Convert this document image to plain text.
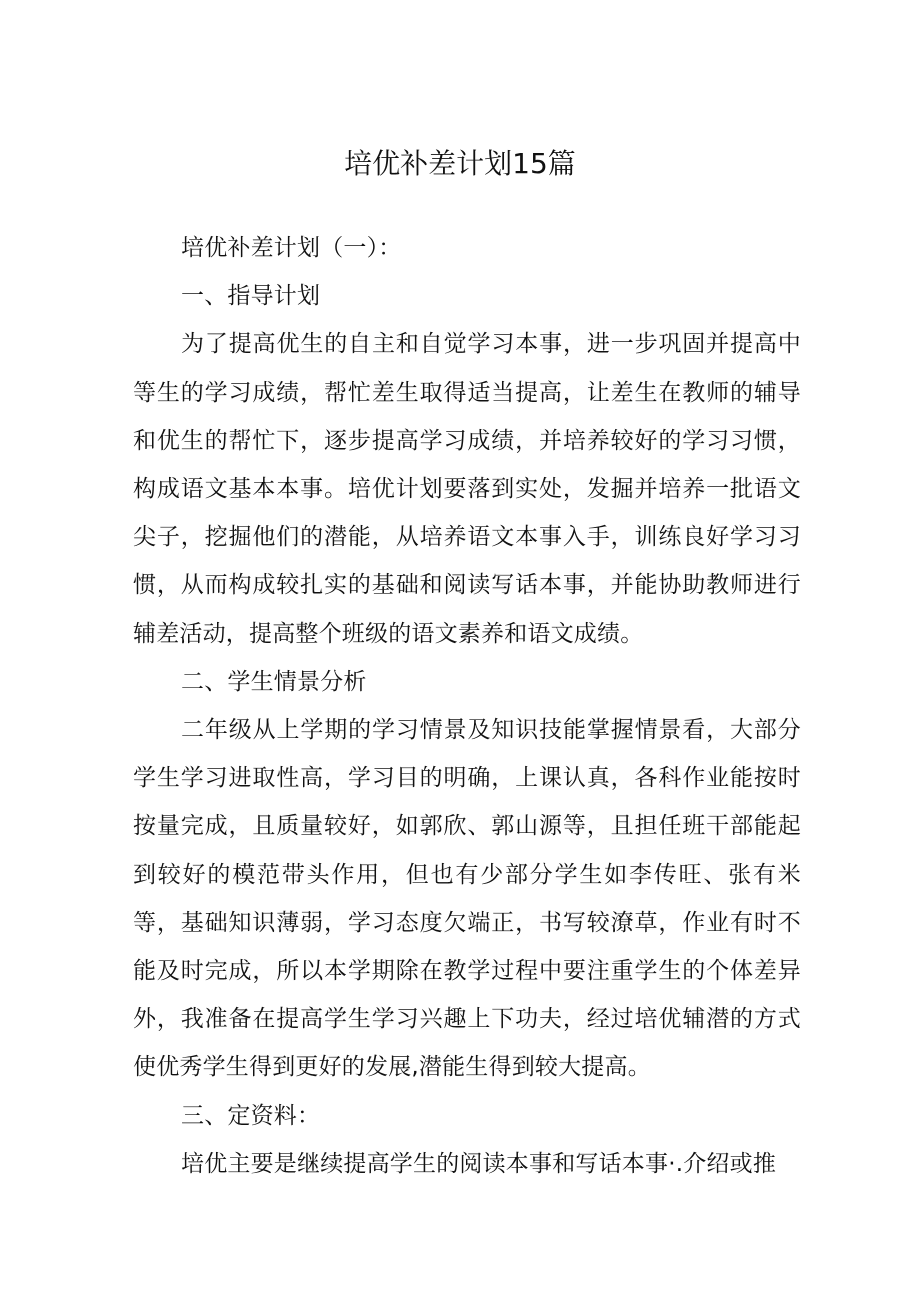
培优补差计划15篇

培优补差计划（一）：

一、指导计划

为了提高优生的自主和自觉学习本事，进一步巩固并提高中等生的学习成绩，帮忙差生取得适当提高，让差生在教师的辅导和优生的帮忙下，逐步提高学习成绩，并培养较好的学习习惯，构成语文基本本事。培优计划要落到实处，发掘并培养一批语文尖子，挖掘他们的潜能，从培养语文本事入手，训练良好学习习惯，从而构成较扎实的基础和阅读写话本事，并能协助教师进行辅差活动，提高整个班级的语文素养和语文成绩。

二、学生情景分析

二年级从上学期的学习情景及知识技能掌握情景看，大部分学生学习进取性高，学习目的明确，上课认真，各科作业能按时按量完成，且质量较好，如郭欣、郭山源等，且担任班干部能起到较好的模范带头作用，但也有少部分学生如李传旺、张有米等，基础知识薄弱，学习态度欠端正，书写较潦草，作业有时不能及时完成，所以本学期除在教学过程中要注重学生的个体差异外，我准备在提高学生学习兴趣上下功夫，经过培优辅潜的方式使优秀学生得到更好的发展,潜能生得到较大提高。

三、定资料：

培优主要是继续提高学生的阅读本事和写话本事·.介绍或推
